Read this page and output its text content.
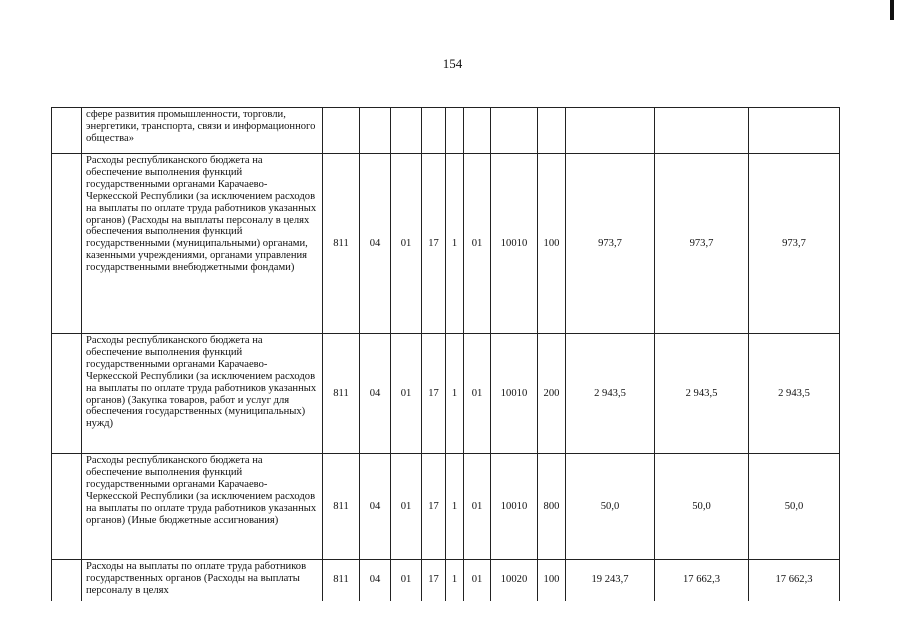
154
	сфере развития промышленности, торговли, энергетики, транспорта, связи и информационного общества»											
	Расходы республиканского бюджета на обеспечение выполнения функций государственными органами Карачаево-Черкесской Республики (за исключением расходов на выплаты по оплате труда работников указанных органов) (Расходы на выплаты персоналу в целях обеспечения выполнения функций государственными (муниципальными) органами, казенными учреждениями, органами управления государственными внебюджетными фондами)	811	04	01	17	1	01	10010	100	973,7	973,7	973,7
	Расходы республиканского бюджета на обеспечение выполнения функций государственными органами Карачаево-Черкесской Республики (за исключением расходов на выплаты по оплате труда работников указанных органов) (Закупка товаров, работ и услуг для обеспечения государственных (муниципальных) нужд)	811	04	01	17	1	01	10010	200	2 943,5	2 943,5	2 943,5
	Расходы республиканского бюджета на обеспечение выполнения функций государственными органами Карачаево-Черкесской Республики (за исключением расходов на выплаты по оплате труда работников указанных органов) (Иные бюджетные ассигнования)	811	04	01	17	1	01	10010	800	50,0	50,0	50,0
	Расходы на выплаты по оплате труда работников государственных органов (Расходы на выплаты персоналу в целях	811	04	01	17	1	01	10020	100	19 243,7	17 662,3	17 662,3
